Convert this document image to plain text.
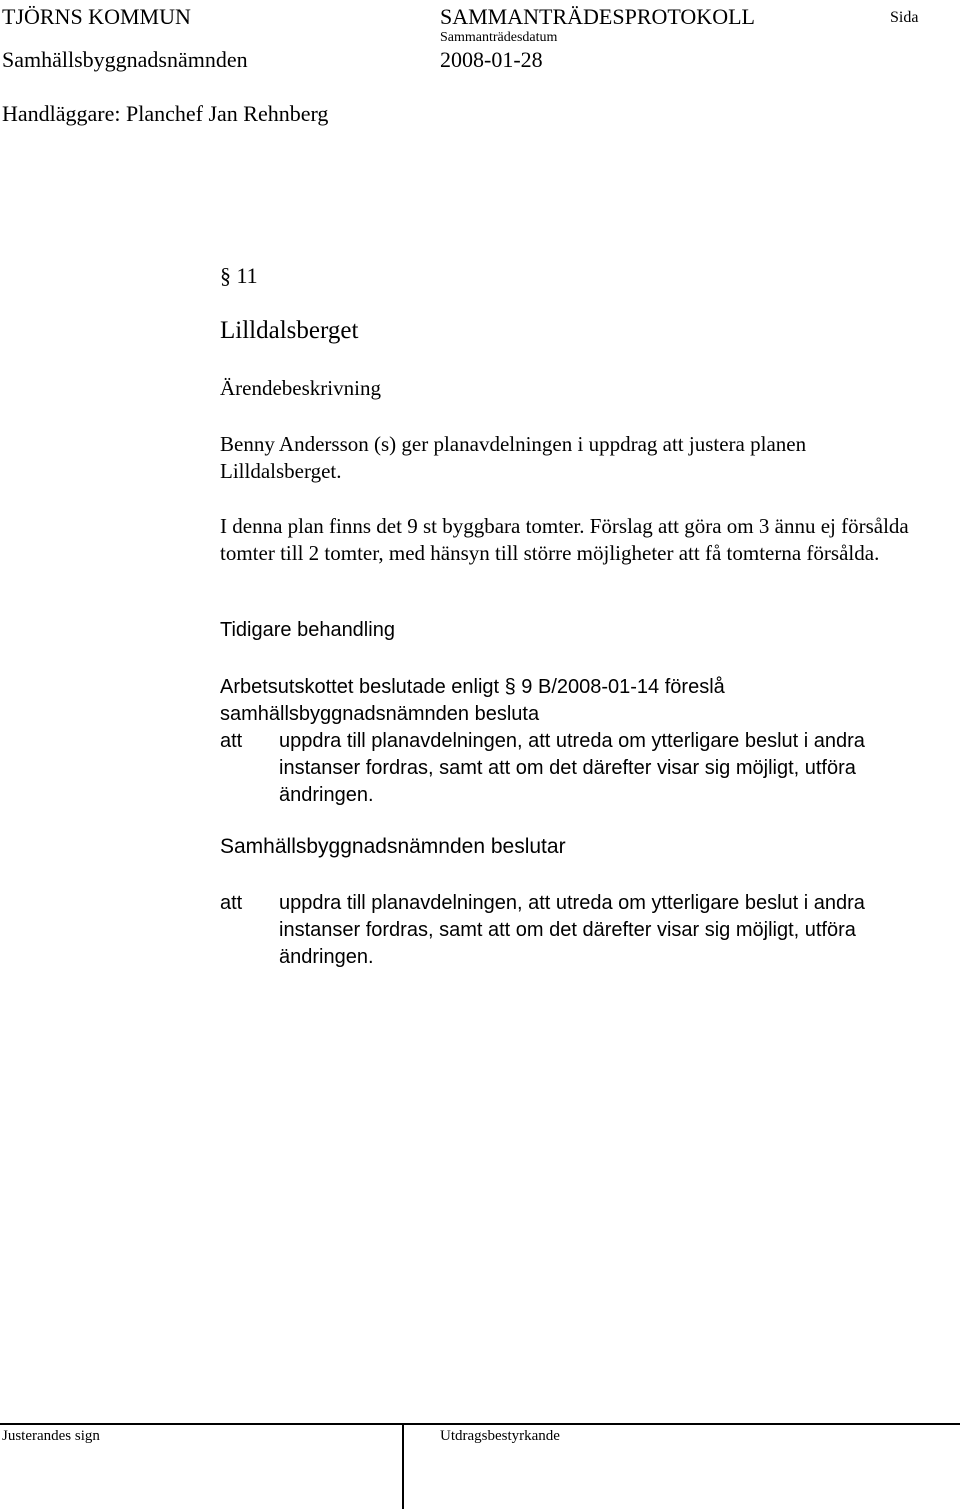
TJÖRNS KOMMUN	SAMMANTRÄDESPROTOKOLL	Sida
Samhällsbyggnadsnämnden
Sammanträdesdatum
2008-01-28
Handläggare: Planchef Jan Rehnberg
§ 11
Lilldalsberget
Ärendebeskrivning
Benny Andersson (s) ger planavdelningen i uppdrag att justera planen Lilldalsberget.
I denna plan finns det 9 st byggbara tomter. Förslag att göra om 3 ännu ej försålda tomter till 2 tomter, med hänsyn till större möjligheter att få tomterna försålda.
Tidigare behandling
Arbetsutskottet beslutade enligt § 9 B/2008-01-14 föreslå samhällsbyggnadsnämnden besluta
att	uppdra till planavdelningen, att utreda om ytterligare beslut i andra instanser fordras, samt att om det därefter visar sig möjligt, utföra ändringen.
Samhällsbyggnadsnämnden beslutar
att	uppdra till planavdelningen, att utreda om ytterligare beslut i andra instanser fordras, samt att om det därefter visar sig möjligt, utföra ändringen.
Justerandes sign	Utdragsbestyrkande
